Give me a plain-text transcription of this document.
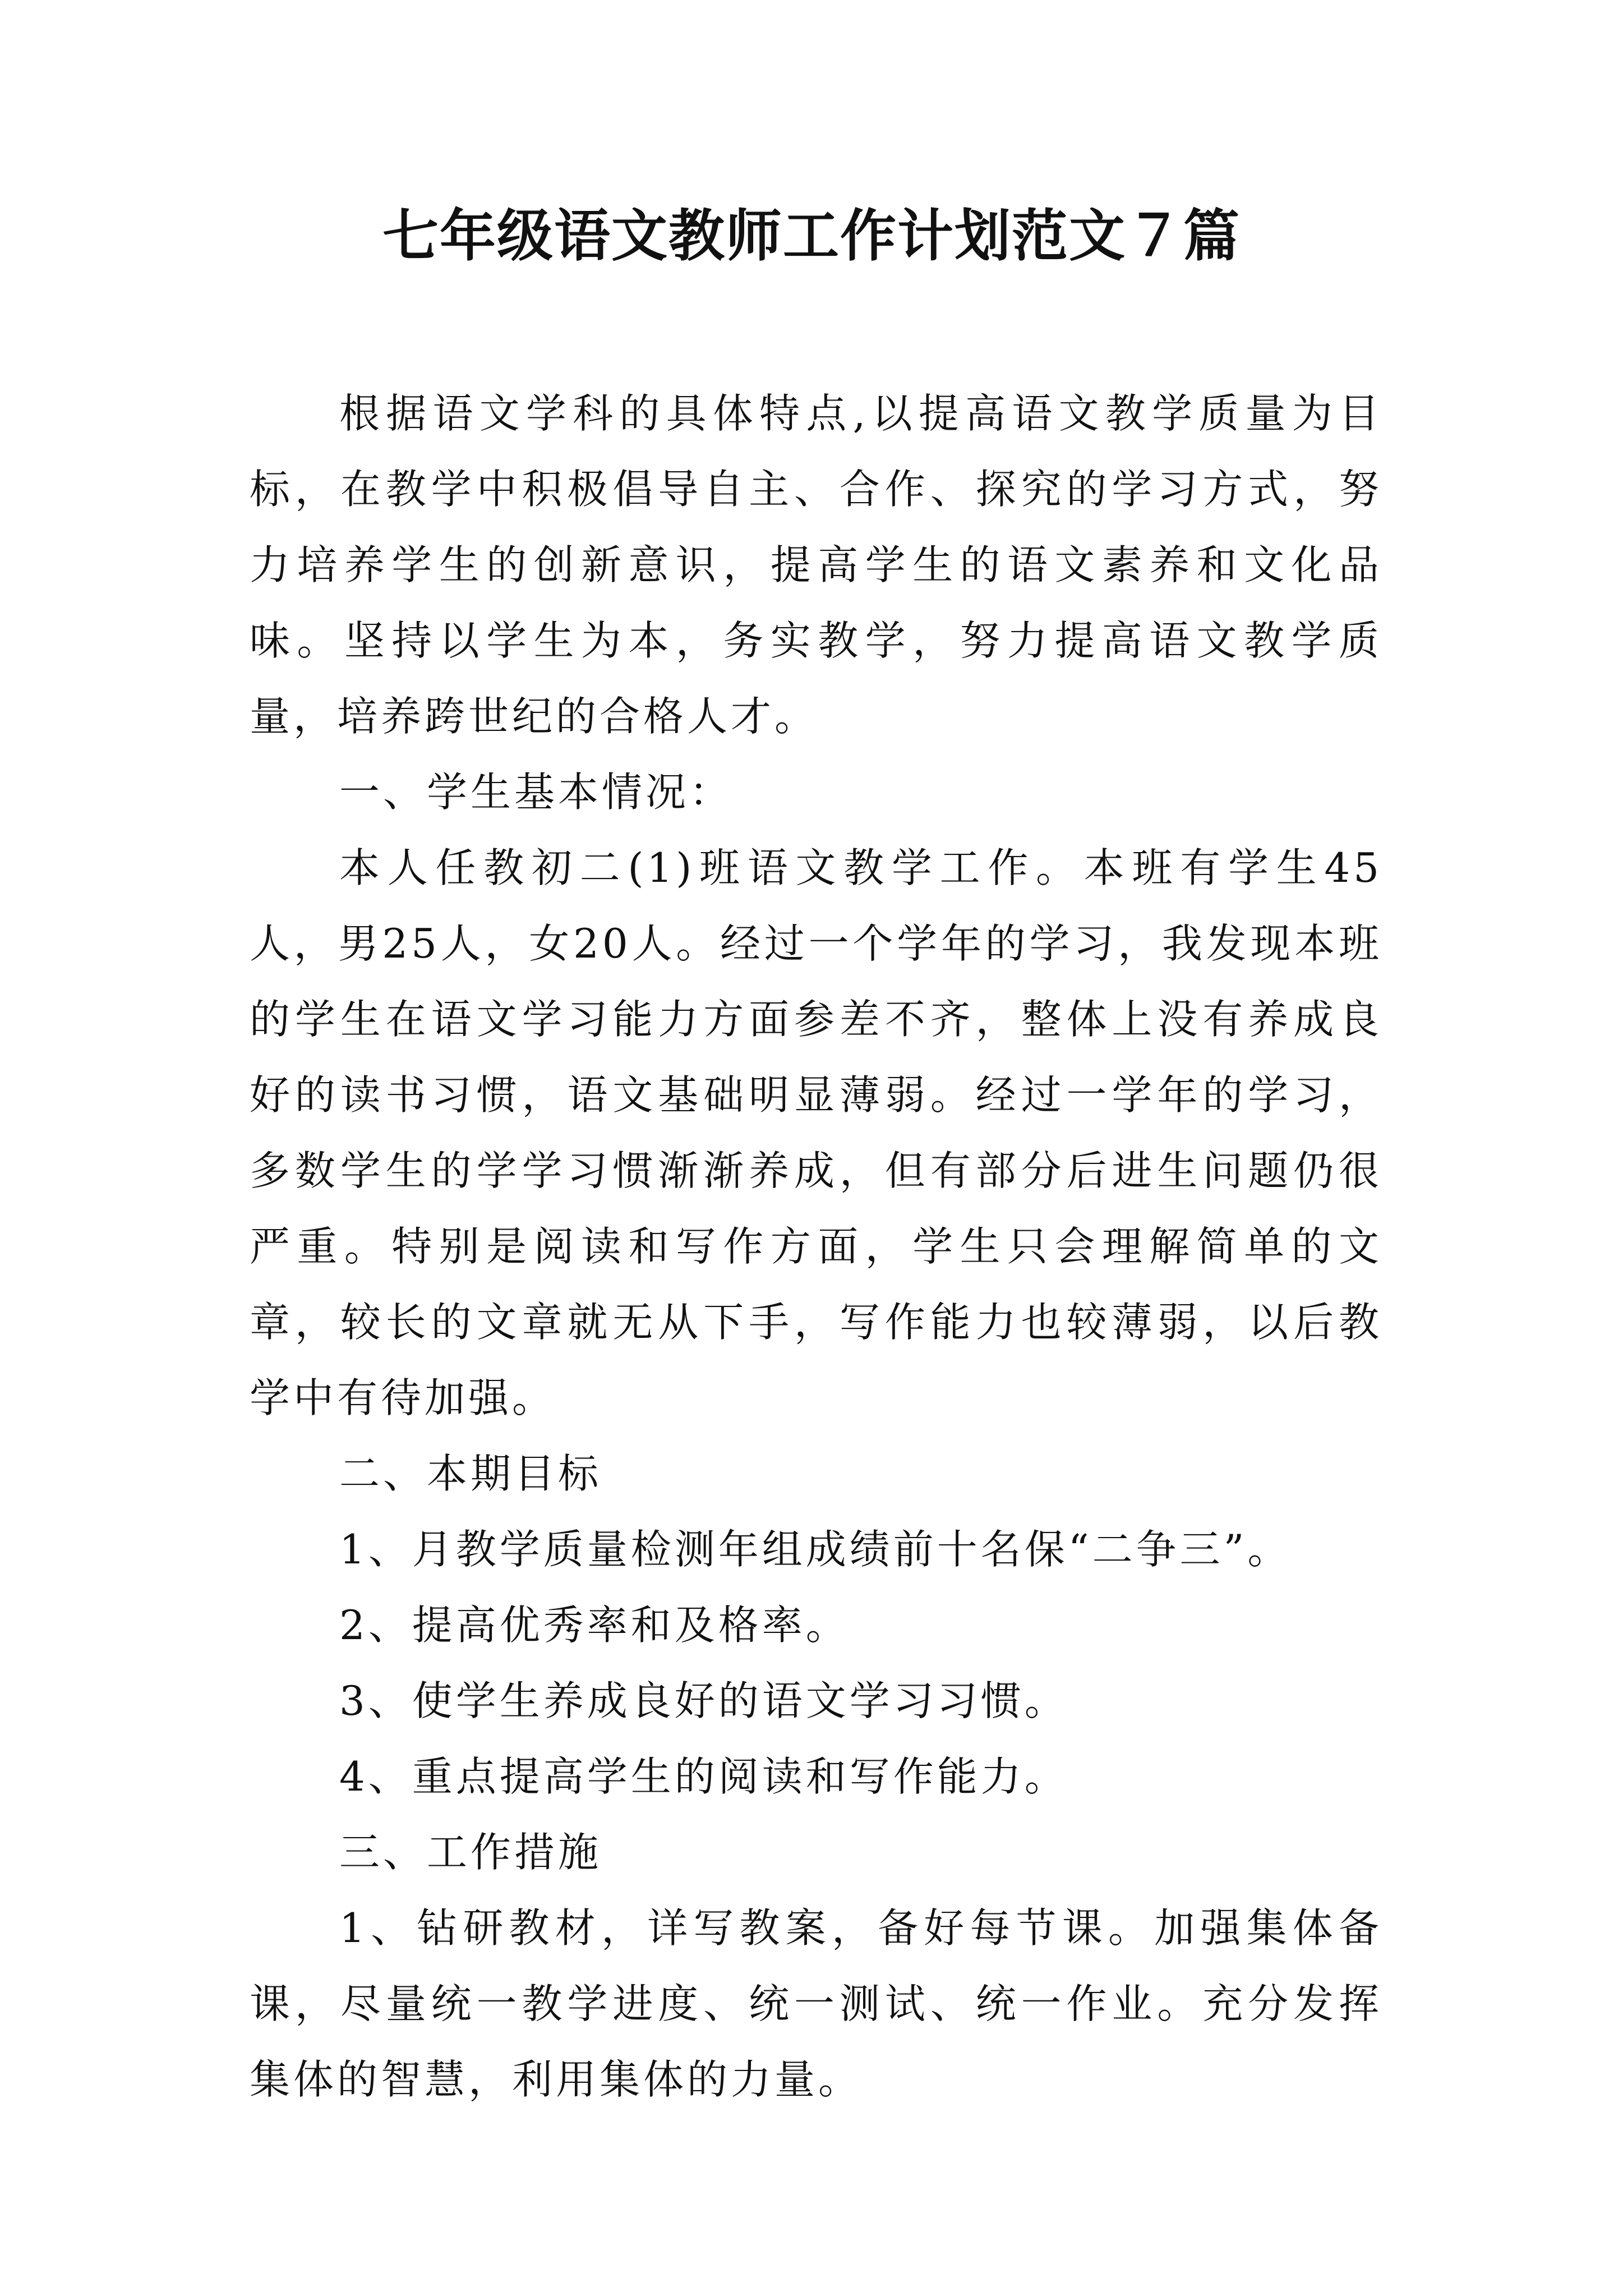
七年级语文教师工作计划范文７篇

根据语文学科的具体特点,以提高语文教学质量为目标，在教学中积极倡导自主、合作、探究的学习方式，努力培养学生的创新意识，提高学生的语文素养和文化品味。坚持以学生为本，务实教学，努力提高语文教学质量，培养跨世纪的合格人才。

一、学生基本情况：

本人任教初二(1)班语文教学工作。本班有学生45人，男25人，女20人。经过一个学年的学习，我发现本班的学生在语文学习能力方面参差不齐，整体上没有养成良好的读书习惯，语文基础明显薄弱。经过一学年的学习，多数学生的学学习惯渐渐养成，但有部分后进生问题仍很严重。特别是阅读和写作方面，学生只会理解简单的文章，较长的文章就无从下手，写作能力也较薄弱，以后教学中有待加强。

二、本期目标

1、月教学质量检测年组成绩前十名保“二争三”。

2、提高优秀率和及格率。

3、使学生养成良好的语文学习习惯。

4、重点提高学生的阅读和写作能力。

三、工作措施

1、钻研教材，详写教案，备好每节课。加强集体备课，尽量统一教学进度、统一测试、统一作业。充分发挥集体的智慧，利用集体的力量。
